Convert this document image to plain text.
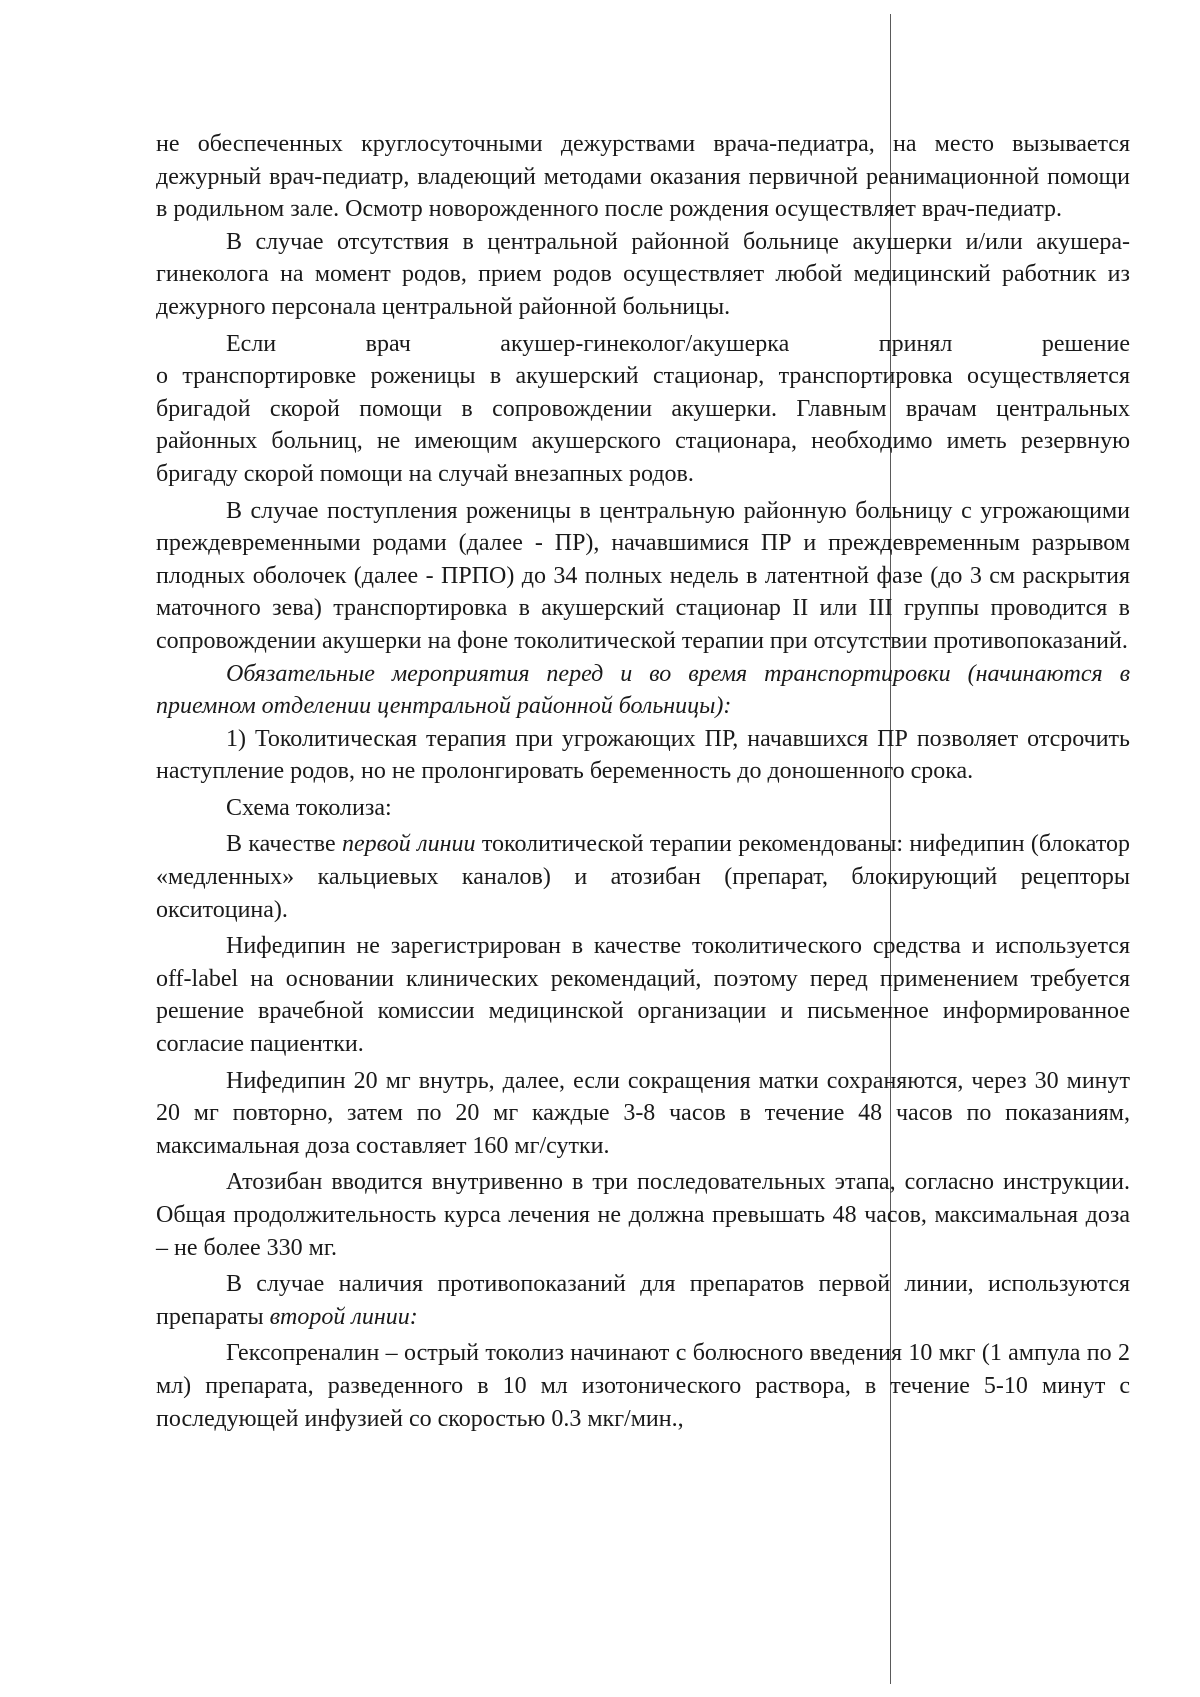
не обеспеченных круглосуточными дежурствами врача-педиатра, на место вызывается дежурный врач-педиатр, владеющий методами оказания первичной реанимационной помощи в родильном зале. Осмотр новорожденного после рождения осуществляет врач-педиатр.

В случае отсутствия в центральной районной больнице акушерки и/или акушера-гинеколога на момент родов, прием родов осуществляет любой медицинский работник из дежурного персонала центральной районной больницы.

Если	врач	акушер-гинеколог/акушерка	принял	решение

о транспортировке роженицы в акушерский стационар, транспортировка осуществляется бригадой скорой помощи в сопровождении акушерки. Главным врачам центральных районных больниц, не имеющим акушерского стационара, необходимо иметь резервную бригаду скорой помощи на случай внезапных родов.

В случае поступления роженицы в центральную районную больницу с угрожающими преждевременными родами (далее - ПР), начавшимися ПР и преждевременным разрывом плодных оболочек (далее - ПРПО) до 34 полных недель в латентной фазе (до 3 см раскрытия маточного зева) транспортировка в акушерский стационар II или III группы проводится в сопровождении акушерки на фоне токолитической терапии при отсутствии противопоказаний.

Обязательные мероприятия перед и во время транспортировки (начинаются в приемном отделении центральной районной больницы):

1) Токолитическая терапия при угрожающих ПР, начавшихся ПР позволяет отсрочить наступление родов, но не пролонгировать беременность до доношенного срока.

Схема токолиза:

В качестве первой линии токолитической терапии рекомендованы: нифедипин (блокатор «медленных» кальциевых каналов) и атозибан (препарат, блокирующий рецепторы окситоцина).

Нифедипин не зарегистрирован в качестве токолитического средства и используется off-label на основании клинических рекомендаций, поэтому перед применением требуется решение врачебной комиссии медицинской организации и письменное информированное согласие пациентки.

Нифедипин 20 мг внутрь, далее, если сокращения матки сохраняются, через 30 минут 20 мг повторно, затем по 20 мг каждые 3-8 часов в течение 48 часов по показаниям, максимальная доза составляет 160 мг/сутки.

Атозибан вводится внутривенно в три последовательных этапа, согласно инструкции. Общая продолжительность курса лечения не должна превышать 48 часов, максимальная доза – не более 330 мг.

В случае наличия противопоказаний для препаратов первой линии, используются препараты второй линии:

Гексопреналин – острый токолиз начинают с болюсного введения 10 мкг (1 ампула по 2 мл) препарата, разведенного в 10 мл изотонического раствора, в течение 5-10 минут с последующей инфузией со скоростью 0.3 мкг/мин.,
